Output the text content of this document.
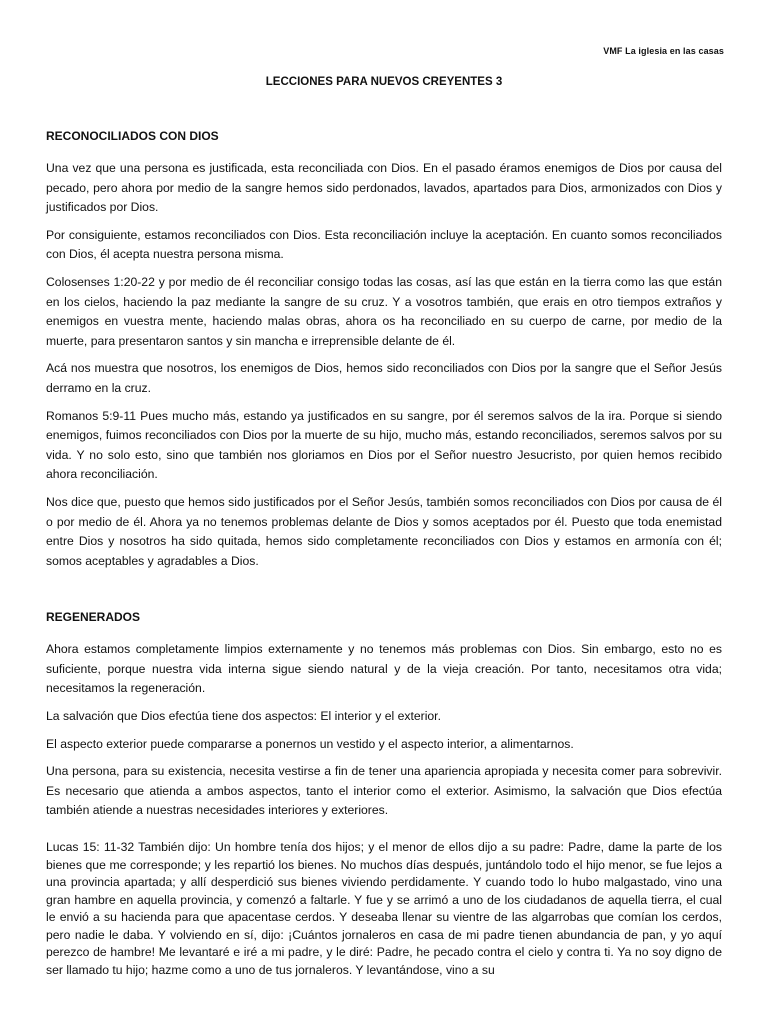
VMF La iglesia en las casas
LECCIONES PARA NUEVOS CREYENTES 3
RECONOCILIADOS CON DIOS

Una vez que una persona es justificada, esta reconciliada con Dios. En el pasado éramos enemigos de Dios por causa del pecado, pero ahora por medio de la sangre hemos sido perdonados, lavados, apartados para Dios, armonizados con Dios y justificados por Dios.

Por consiguiente, estamos reconciliados con Dios. Esta reconciliación incluye la aceptación. En cuanto somos reconciliados con Dios, él acepta nuestra persona misma.

Colosenses 1:20-22 y por medio de él reconciliar consigo todas las cosas, así las que están en la tierra como las que están en los cielos, haciendo la paz mediante la sangre de su cruz. Y a vosotros también, que erais en otro tiempos extraños y enemigos en vuestra mente, haciendo malas obras, ahora os ha reconciliado en su cuerpo de carne, por medio de la muerte, para presentaron santos y sin mancha e irreprensible delante de él.

Acá nos muestra que nosotros, los enemigos de Dios, hemos sido reconciliados con Dios por la sangre que el Señor Jesús derramo en la cruz.

Romanos 5:9-11 Pues mucho más, estando ya justificados en su sangre, por él seremos salvos de la ira. Porque si siendo enemigos, fuimos reconciliados con Dios por la muerte de su hijo, mucho más, estando reconciliados, seremos salvos por su vida. Y no solo esto, sino que también nos gloriamos en Dios por el Señor nuestro Jesucristo, por quien hemos recibido ahora reconciliación.

Nos dice que, puesto que hemos sido justificados por el Señor Jesús, también somos reconciliados con Dios por causa de él o por medio de él. Ahora ya no tenemos problemas delante de Dios y somos aceptados por él. Puesto que toda enemistad entre Dios y nosotros ha sido quitada, hemos sido completamente reconciliados con Dios y estamos en armonía con él; somos aceptables y agradables a Dios.

REGENERADOS

Ahora estamos completamente limpios externamente y no tenemos más problemas con Dios. Sin embargo, esto no es suficiente, porque nuestra vida interna sigue siendo natural y de la vieja creación. Por tanto, necesitamos otra vida; necesitamos la regeneración.

La salvación que Dios efectúa tiene dos aspectos: El interior y el exterior.

El aspecto exterior puede compararse a ponernos un vestido y el aspecto interior, a alimentarnos.

Una persona, para su existencia, necesita vestirse a fin de tener una apariencia apropiada y necesita comer para sobrevivir. Es necesario que atienda a ambos aspectos, tanto el interior como el exterior. Asimismo, la salvación que Dios efectúa también atiende a nuestras necesidades interiores y exteriores.

Lucas 15: 11-32 También dijo: Un hombre tenía dos hijos; y el menor de ellos dijo a su padre: Padre, dame la parte de los bienes que me corresponde; y les repartió los bienes. No muchos días después, juntándolo todo el hijo menor, se fue lejos a una provincia apartada; y allí desperdició sus bienes viviendo perdidamente. Y cuando todo lo hubo malgastado, vino una gran hambre en aquella provincia, y comenzó a faltarle. Y fue y se arrimó a uno de los ciudadanos de aquella tierra, el cual le envió a su hacienda para que apacentase cerdos. Y deseaba llenar su vientre de las algarrobas que comían los cerdos, pero nadie le daba. Y volviendo en sí, dijo: ¡Cuántos jornaleros en casa de mi padre tienen abundancia de pan, y yo aquí perezco de hambre! Me levantaré e iré a mi padre, y le diré: Padre, he pecado contra el cielo y contra ti. Ya no soy digno de ser llamado tu hijo; hazme como a uno de tus jornaleros. Y levantándose, vino a su
